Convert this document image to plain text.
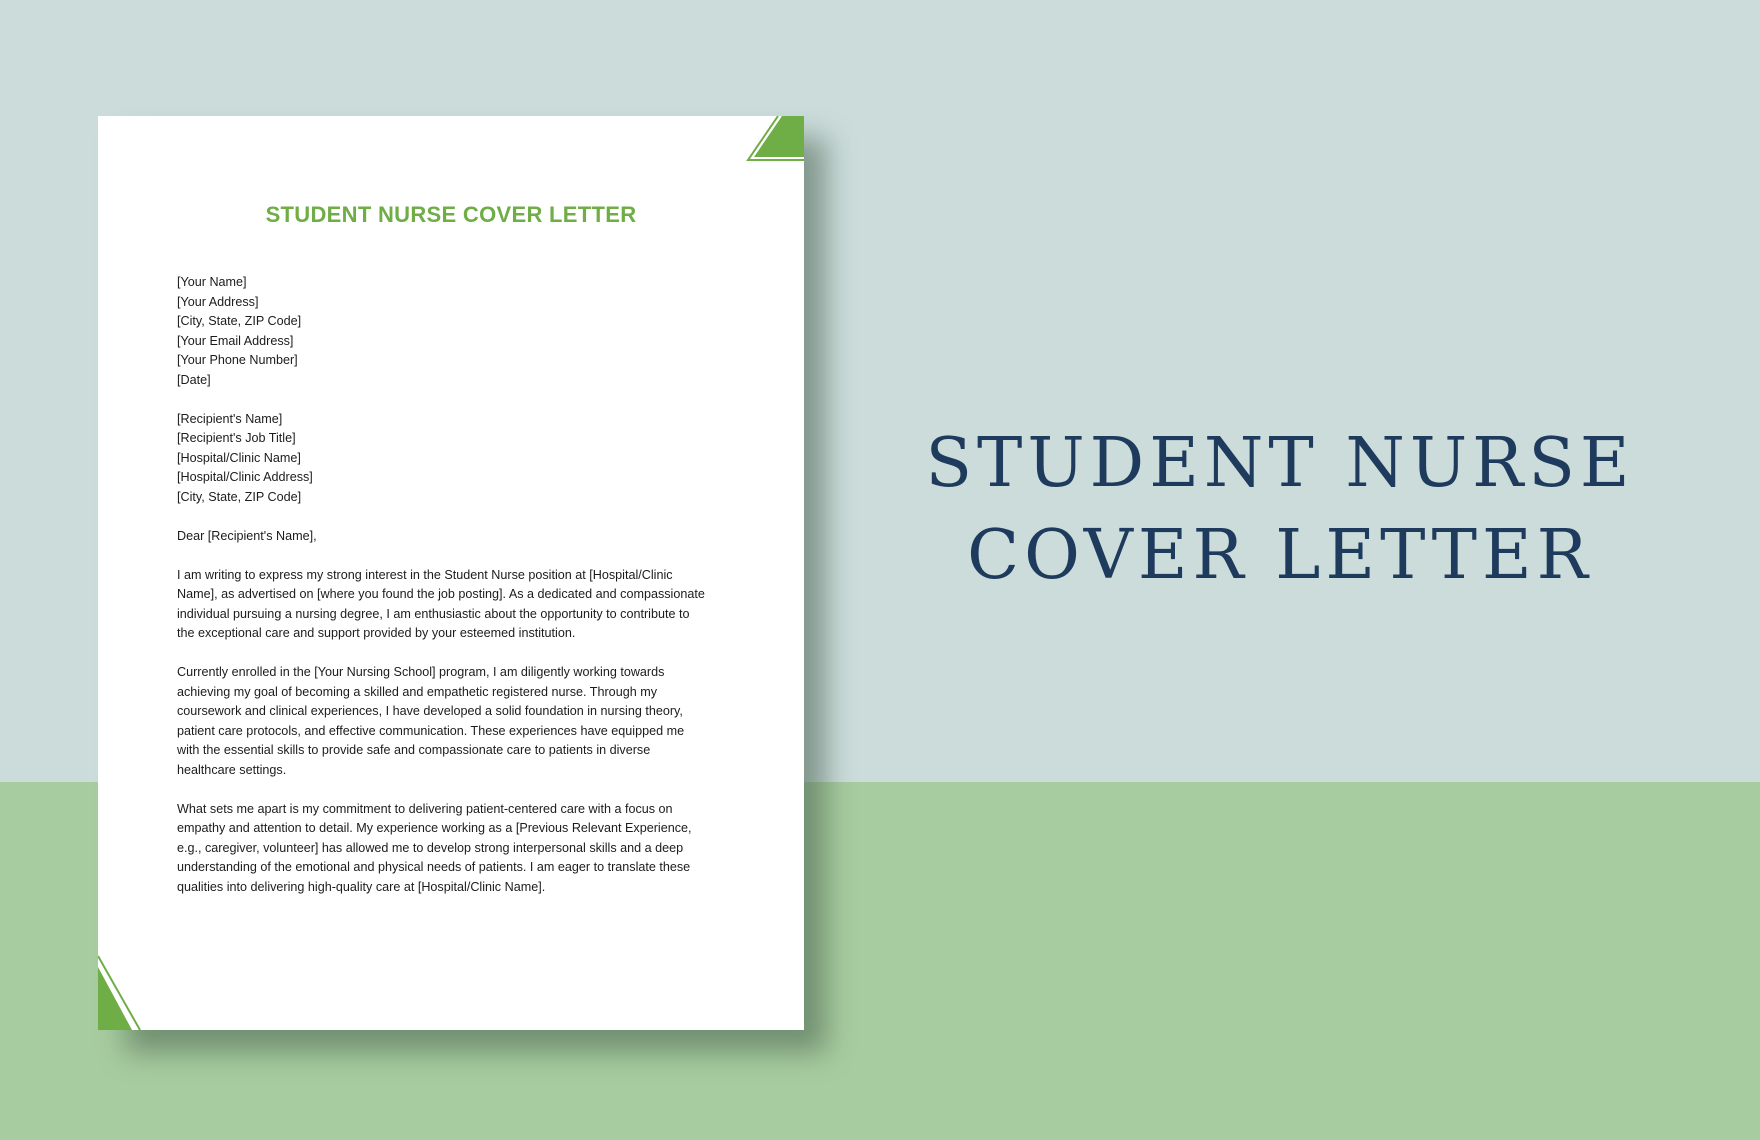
STUDENT NURSE COVER LETTER
[Your Name]
[Your Address]
[City, State, ZIP Code]
[Your Email Address]
[Your Phone Number]
[Date]
[Recipient's Name]
[Recipient's Job Title]
[Hospital/Clinic Name]
[Hospital/Clinic Address]
[City, State, ZIP Code]
Dear [Recipient's Name],

I am writing to express my strong interest in the Student Nurse position at [Hospital/Clinic
Name], as advertised on [where you found the job posting]. As a dedicated and compassionate
individual pursuing a nursing degree, I am enthusiastic about the opportunity to contribute to
the exceptional care and support provided by your esteemed institution.

Currently enrolled in the [Your Nursing School] program, I am diligently working towards
achieving my goal of becoming a skilled and empathetic registered nurse. Through my
coursework and clinical experiences, I have developed a solid foundation in nursing theory,
patient care protocols, and effective communication. These experiences have equipped me
with the essential skills to provide safe and compassionate care to patients in diverse
healthcare settings.

What sets me apart is my commitment to delivering patient-centered care with a focus on
empathy and attention to detail. My experience working as a [Previous Relevant Experience,
e.g., caregiver, volunteer] has allowed me to develop strong interpersonal skills and a deep
understanding of the emotional and physical needs of patients. I am eager to translate these
qualities into delivering high-quality care at [Hospital/Clinic Name].

STUDENT NURSE
COVER LETTER
